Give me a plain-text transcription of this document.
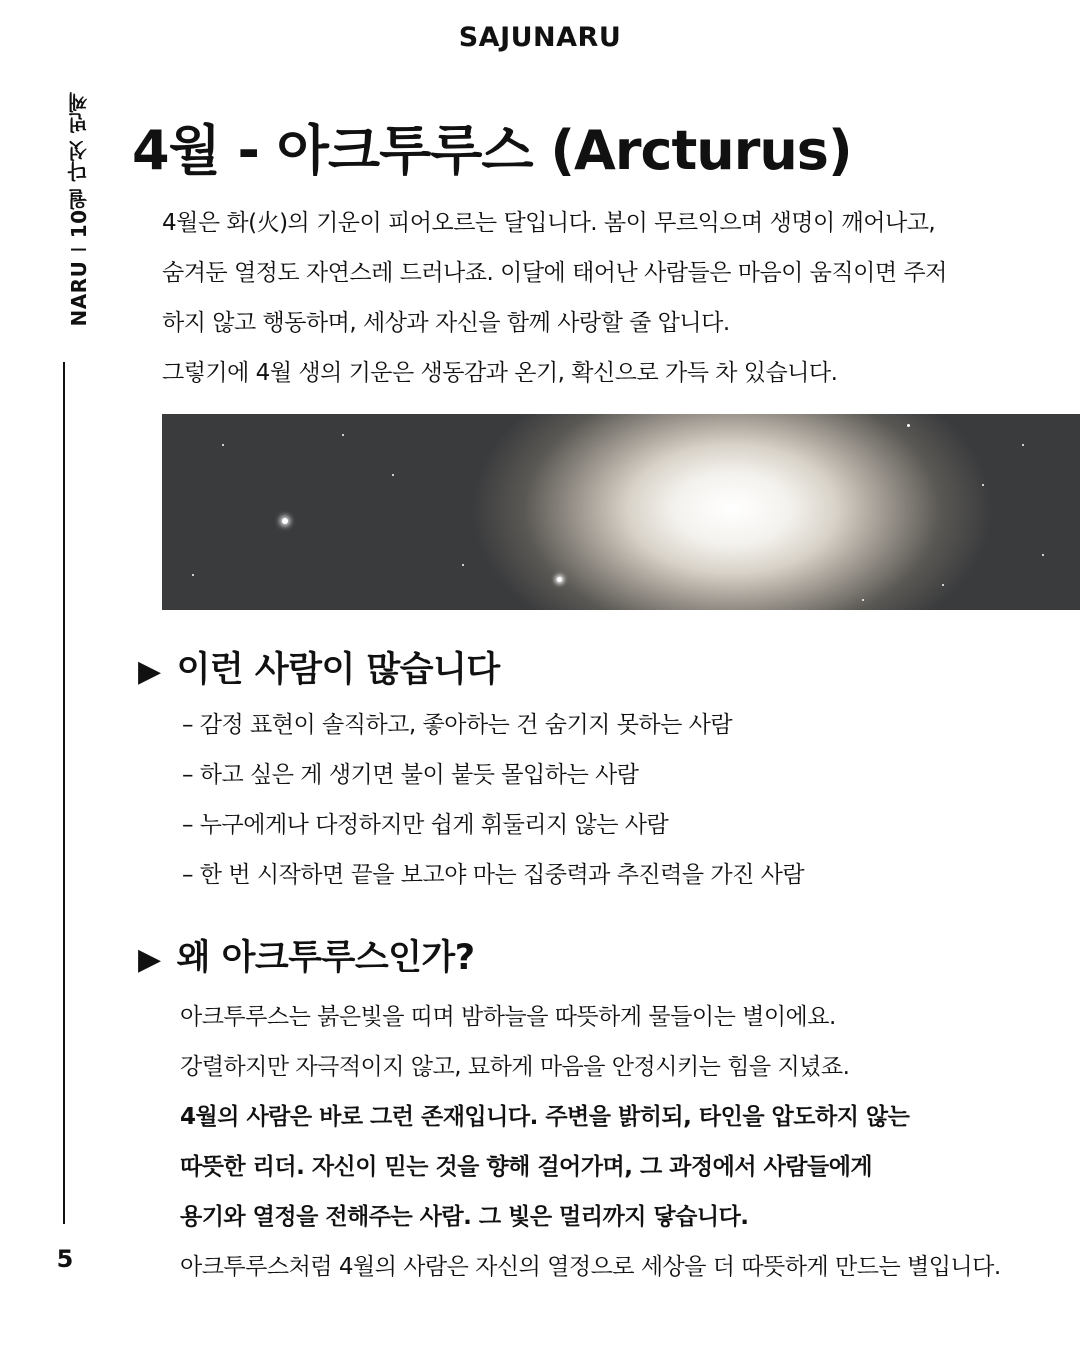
SAJUNARU
NARUI10월 다섯 번째
5
4월 - 아크투루스 (Arcturus)

4월은 화(火)의 기운이 피어오르는 달입니다. 봄이 무르익으며 생명이 깨어나고,

숨겨둔 열정도 자연스레 드러나죠. 이달에 태어난 사람들은 마음이 움직이면 주저

하지 않고 행동하며, 세상과 자신을 함께 사랑할 줄 압니다.

그렇기에 4월 생의 기운은 생동감과 온기, 확신으로 가득 차 있습니다.

▶ 이런 사람이 많습니다
– 감정 표현이 솔직하고, 좋아하는 건 숨기지 못하는 사람
– 하고 싶은 게 생기면 불이 붙듯 몰입하는 사람
– 누구에게나 다정하지만 쉽게 휘둘리지 않는 사람
– 한 번 시작하면 끝을 보고야 마는 집중력과 추진력을 가진 사람
▶ 왜 아크투루스인가?

아크투루스는 붉은빛을 띠며 밤하늘을 따뜻하게 물들이는 별이에요.

강렬하지만 자극적이지 않고, 묘하게 마음을 안정시키는 힘을 지녔죠.

4월의 사람은 바로 그런 존재입니다. 주변을 밝히되, 타인을 압도하지 않는

따뜻한 리더. 자신이 믿는 것을 향해 걸어가며, 그 과정에서 사람들에게

용기와 열정을 전해주는 사람. 그 빛은 멀리까지 닿습니다.

아크투루스처럼 4월의 사람은 자신의 열정으로 세상을 더 따뜻하게 만드는 별입니다.
